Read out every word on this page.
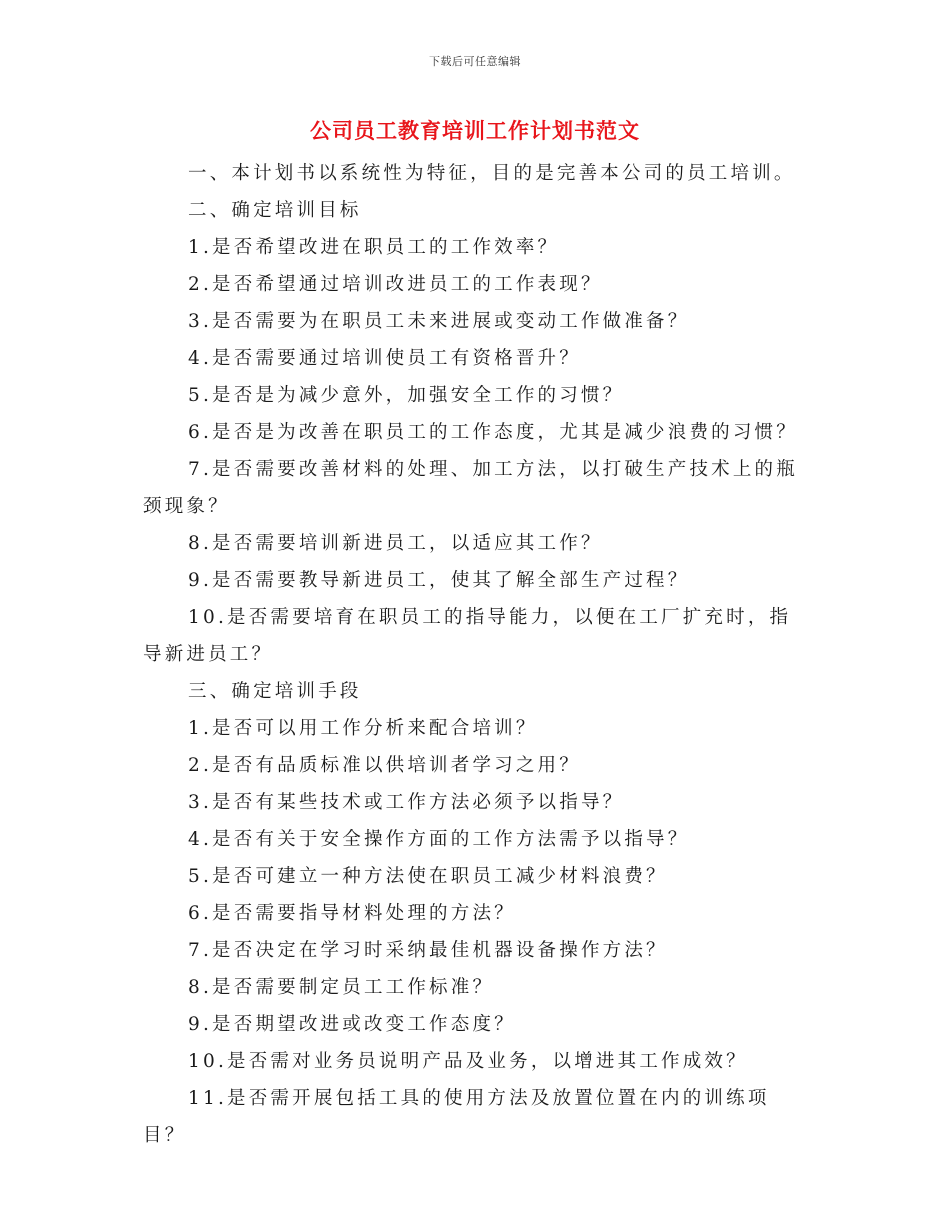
下载后可任意编辑
公司员工教育培训工作计划书范文

一、本计划书以系统性为特征，目的是完善本公司的员工培训。

二、确定培训目标

1.是否希望改进在职员工的工作效率？

2.是否希望通过培训改进员工的工作表现？

3.是否需要为在职员工未来进展或变动工作做准备？

4.是否需要通过培训使员工有资格晋升？

5.是否是为减少意外，加强安全工作的习惯？

6.是否是为改善在职员工的工作态度，尤其是减少浪费的习惯？

7.是否需要改善材料的处理、加工方法，以打破生产技术上的瓶颈现象？

8.是否需要培训新进员工，以适应其工作？

9.是否需要教导新进员工，使其了解全部生产过程？

10.是否需要培育在职员工的指导能力，以便在工厂扩充时，指导新进员工？

三、确定培训手段

1.是否可以用工作分析来配合培训？

2.是否有品质标准以供培训者学习之用？

3.是否有某些技术或工作方法必须予以指导？

4.是否有关于安全操作方面的工作方法需予以指导？

5.是否可建立一种方法使在职员工减少材料浪费？

6.是否需要指导材料处理的方法？

7.是否决定在学习时采纳最佳机器设备操作方法？

8.是否需要制定员工工作标准？

9.是否期望改进或改变工作态度？

10.是否需对业务员说明产品及业务，以增进其工作成效？

11.是否需开展包括工具的使用方法及放置位置在内的训练项目？
